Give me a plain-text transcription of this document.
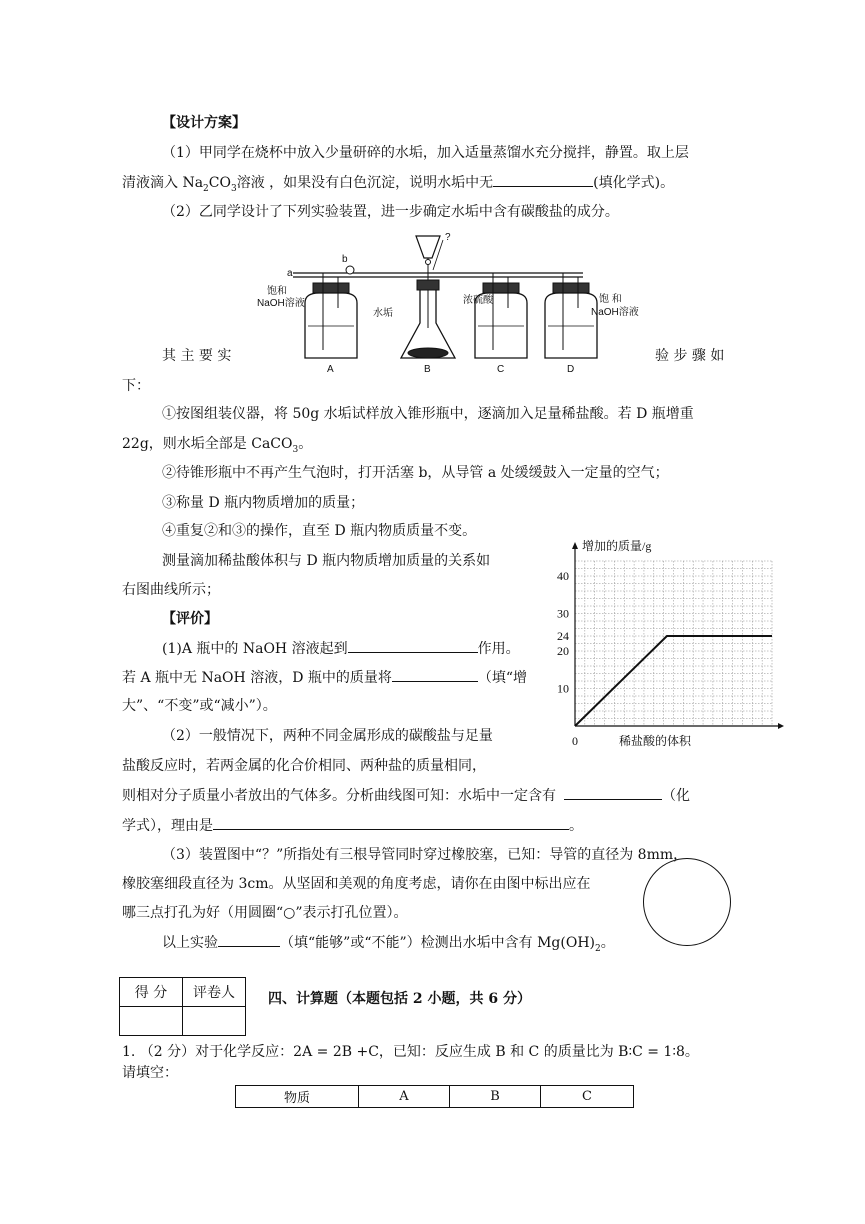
【设计方案】
（1）甲同学在烧杯中放入少量研碎的水垢，加入适量蒸馏水充分搅拌，静置。取上层
清液滴入 $Na_2CO_3$溶液 ，如果没有白色沉淀，说明水垢中无	(填化学式)。
（2）乙同学设计了下列实验装置，进一步确定水垢中含有碳酸盐的成分。
a
b
饱和
NaOH溶液
A
?
水垢
B
浓硫酸
C
饱 和
NaOH溶液
D
其 主 要 实	验 步 骤 如
下：
①按图组装仪器，将 50g 水垢试样放入锥形瓶中，逐滴加入足量稀盐酸。若 D 瓶增重
22g，则水垢全部是 CaCO$_3$。
②待锥形瓶中不再产生气泡时，打开活塞 b，从导管 a 处缓缓鼓入一定量的空气；
③称量 D 瓶内物质增加的质量；
④重复②和③的操作，直至 D 瓶内物质质量不变。
测量滴加稀盐酸体积与 D 瓶内物质增加质量的关系如
右图曲线所示；
【评价】
(1)A 瓶中的 NaOH 溶液起到	作用。
若 A 瓶中无 NaOH 溶液，D 瓶中的质量将	（填“增
大”、“不变”或“减小”）。
（2）一般情况下，两种不同金属形成的碳酸盐与足量
盐酸反应时，若两金属的化合价相同、两种盐的质量相同，
则相对分子质量小者放出的气体多。分析曲线图可知：水垢中一定含有	（化
学式），理由是	。
（3）装置图中“？”所指处有三根导管同时穿过橡胶塞，已知：导管的直径为 8mm，
橡胶塞细段直径为 3cm。从坚固和美观的角度考虑，请你在由图中标出应在
哪三点打孔为好（用圆圈“○”表示打孔位置）。
以上实验	（填“能够”或“不能”）检测出水垢中含有 $Mg(OH)_2$。
10
20
24
30
40
增加的质量/g
稀盐酸的体积
0
得 分	评卷人
	四、计算题（本题包括 2 小题，共 6 分）
1. （2 分）对于化学反应：2A = 2B +C，已知：反应生成 B 和 C 的质量比为 B∶C = 1∶8。
请填空：
物质	A	B	C
